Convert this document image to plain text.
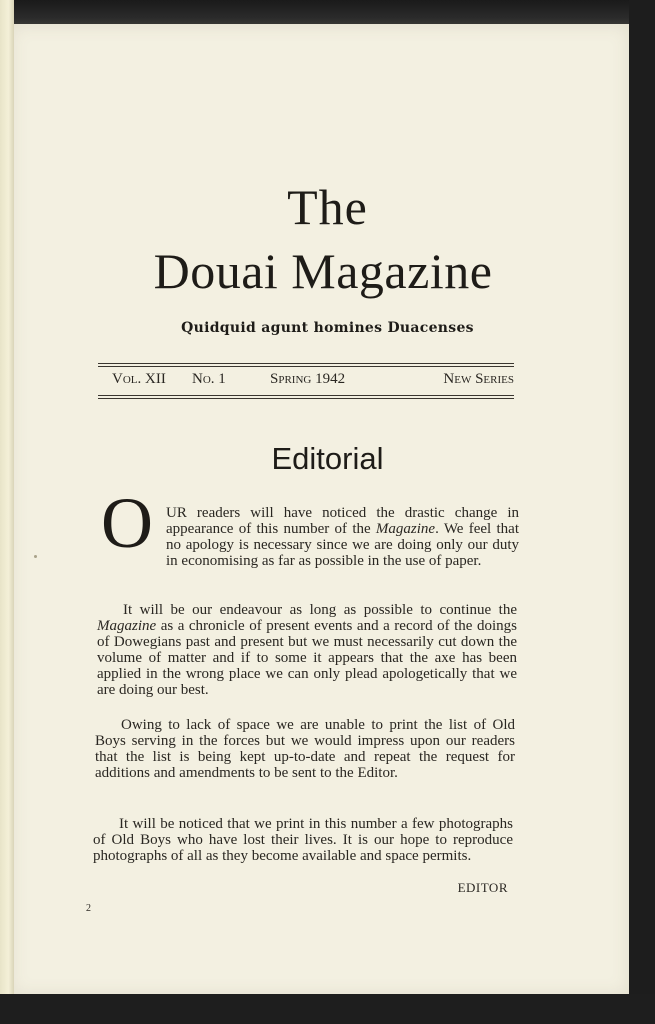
The
Douai Magazine
Quidquid agunt homines Duacenses
Vol. XII No. 1	Spring 1942	New Series
Editorial
O UR readers will have noticed the drastic change in appearance of this number of the Magazine. We feel that no apology is necessary since we are doing only our duty in economising as far as possible in the use of paper.

It will be our endeavour as long as possible to continue the Magazine as a chronicle of present events and a record of the doings of Dowegians past and present but we must necessarily cut down the volume of matter and if to some it appears that the axe has been applied in the wrong place we can only plead apologetically that we are doing our best.

Owing to lack of space we are unable to print the list of Old Boys serving in the forces but we would impress upon our readers that the list is being kept up-to-date and repeat the request for additions and amendments to be sent to the Editor.

It will be noticed that we print in this number a few photographs of Old Boys who have lost their lives. It is our hope to reproduce photographs of all as they become available and space permits.

EDITOR
2
